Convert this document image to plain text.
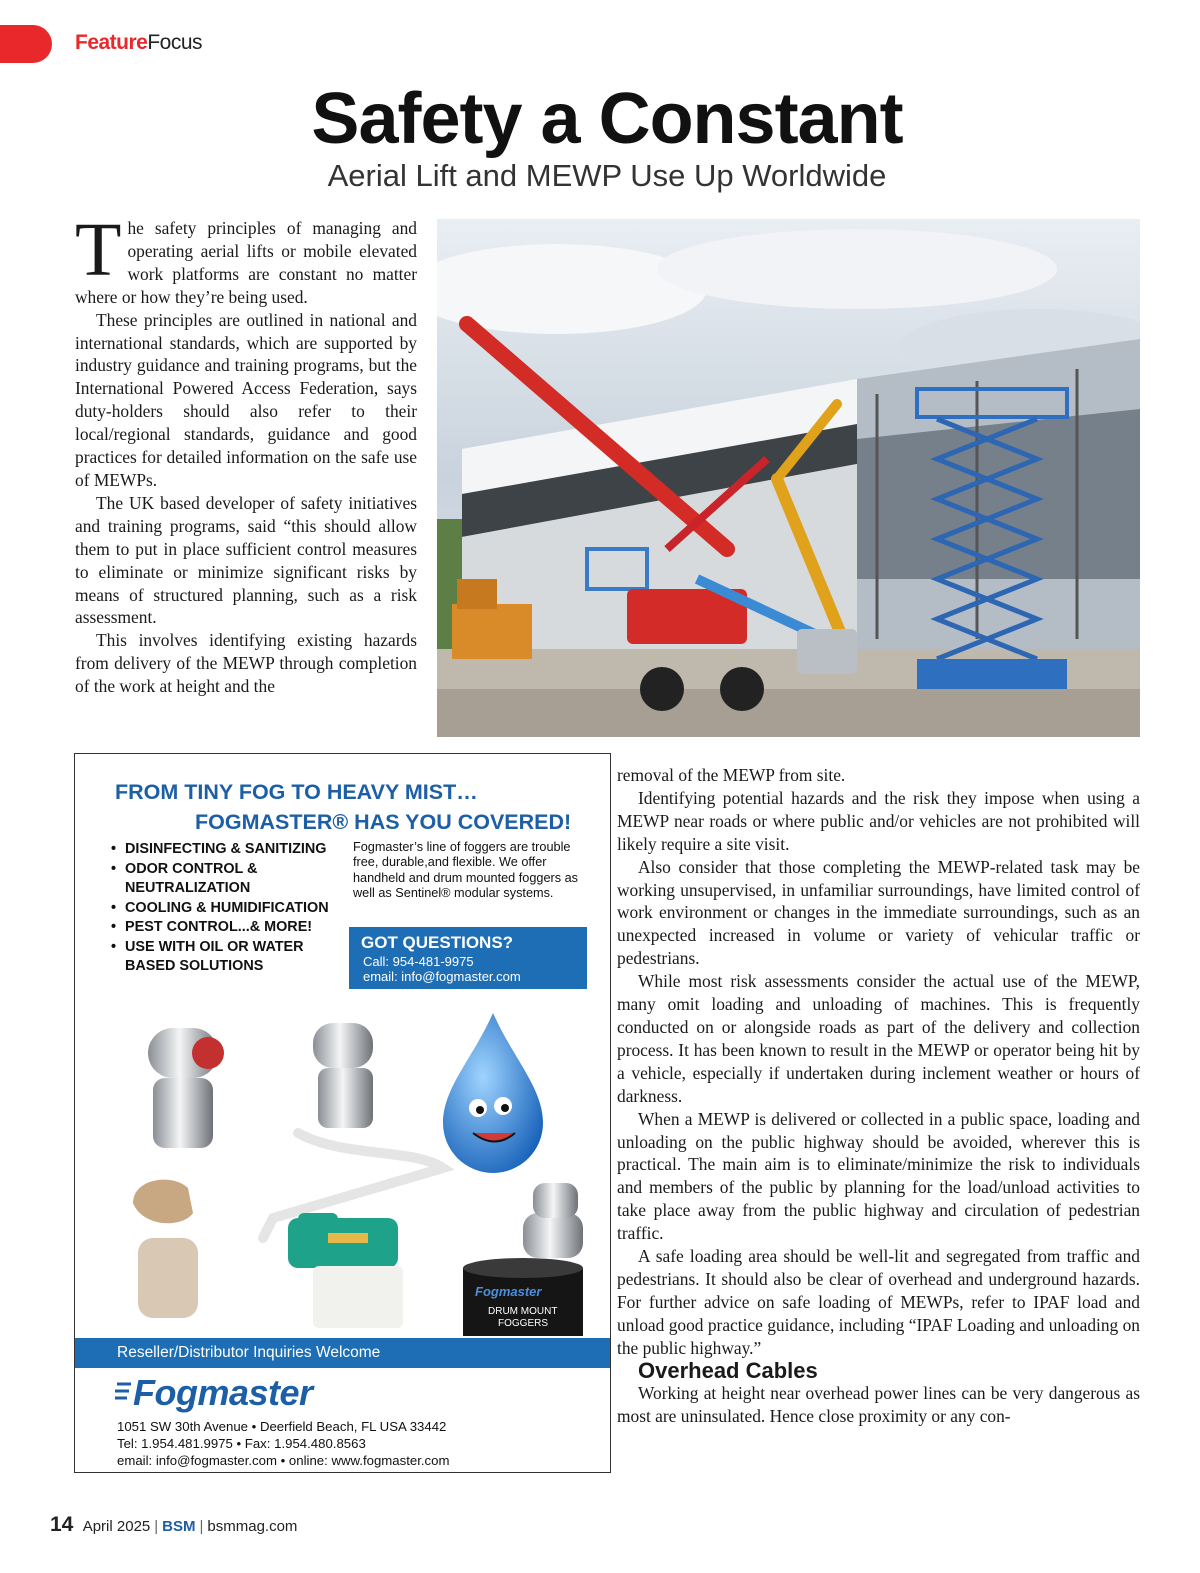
FeatureFocus
Safety a Constant
Aerial Lift and MEWP Use Up Worldwide

The safety principles of managing and operating aerial lifts or mobile elevated work platforms are constant no matter where or how they’re being used.

These principles are outlined in national and international standards, which are supported by industry guidance and training programs, but the International Powered Access Federation, says duty-holders should also refer to their local/regional standards, guidance and good practices for detailed information on the safe use of MEWPs.

The UK based developer of safety initiatives and training programs, said “this should allow them to put in place sufficient control measures to eliminate or minimize significant risks by means of structured planning, such as a risk assessment.

This involves identifying existing hazards from delivery of the MEWP through completion of the work at height and the

FROM TINY FOG TO HEAVY MIST…
FOGMASTER® HAS YOU COVERED!
• DISINFECTING & SANITIZING
• ODOR CONTROL & NEUTRALIZATION
• COOLING & HUMIDIFICATION
• PEST CONTROL...& MORE!
• USE WITH OIL OR WATER BASED SOLUTIONS
Fogmaster’s line of foggers are trouble free, durable,and flexible. We offer handheld and drum mounted foggers as well as Sentinel® modular systems.
GOT QUESTIONS?
Call: 954-481-9975
email: info@fogmaster.com
Fogmaster
DRUM MOUNT
FOGGERS
Reseller/Distributor Inquiries Welcome
Fogmaster
1051 SW 30th Avenue • Deerfield Beach, FL USA 33442
Tel: 1.954.481.9975 • Fax: 1.954.480.8563
email: info@fogmaster.com • online: www.fogmaster.com

removal of the MEWP from site.

Identifying potential hazards and the risk they impose when using a MEWP near roads or where public and/or vehicles are not prohibited will likely require a site visit.

Also consider that those completing the MEWP-related task may be working unsupervised, in unfamiliar surroundings, have limited control of work environment or changes in the immediate surroundings, such as an unexpected increased in volume or variety of vehicular traffic or pedestrians.

While most risk assessments consider the actual use of the MEWP, many omit loading and unloading of machines. This is frequently conducted on or alongside roads as part of the delivery and collection process. It has been known to result in the MEWP or operator being hit by a vehicle, especially if undertaken during inclement weather or hours of darkness.

When a MEWP is delivered or collected in a public space, loading and unloading on the public highway should be avoided, wherever this is practical. The main aim is to eliminate/minimize the risk to individuals and members of the public by planning for the load/unload activities to take place away from the public highway and circulation of pedestrian traffic.

A safe loading area should be well-lit and segregated from traffic and pedestrians. It should also be clear of overhead and underground hazards. For further advice on safe loading of MEWPs, refer to IPAF load and unload good practice guidance, including “IPAF Loading and unloading on the public highway.”

Overhead Cables

Working at height near overhead power lines can be very dangerous as most are uninsulated. Hence close proximity or any con-

14 April 2025 | BSM | bsmmag.com
